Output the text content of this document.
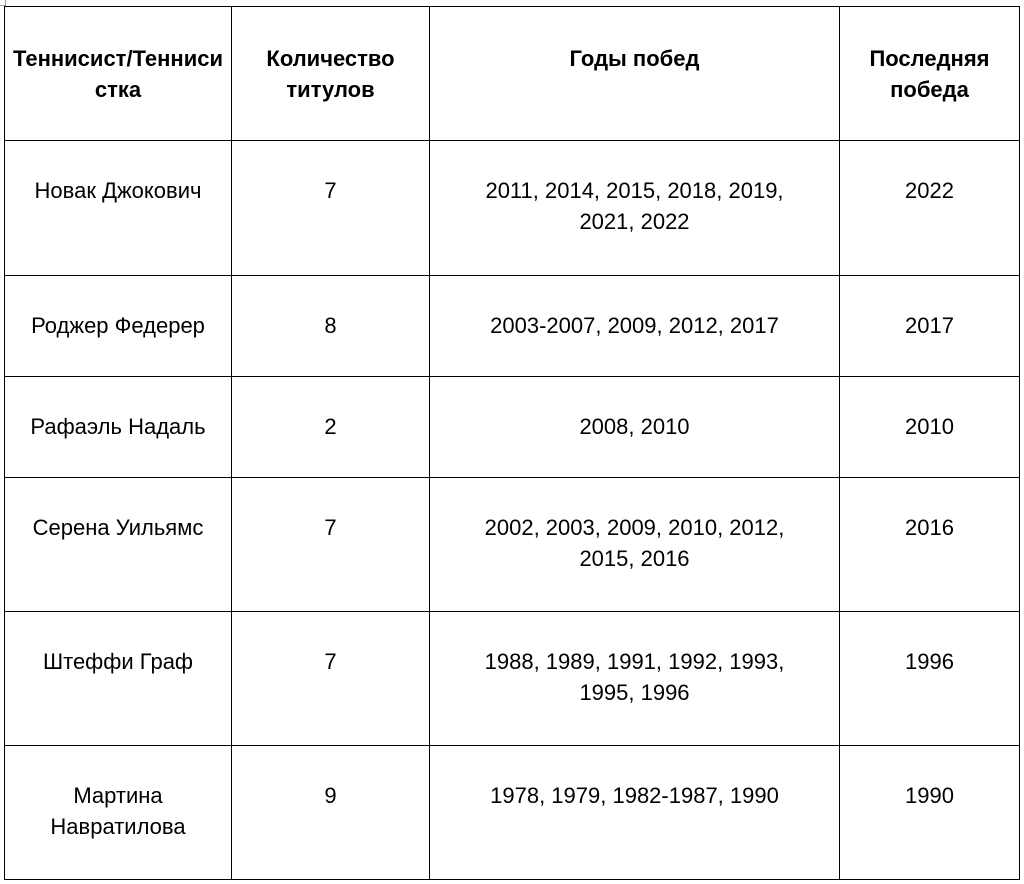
Теннисист/Теннисистка	Количество титулов	Годы побед	Последняя победа
Новак Джокович	7	2011, 2014, 2015, 2018, 2019, 2021, 2022	2022
Роджер Федерер	8	2003-2007, 2009, 2012, 2017	2017
Рафаэль Надаль	2	2008, 2010	2010
Серена Уильямс	7	2002, 2003, 2009, 2010, 2012, 2015, 2016	2016
Штеффи Граф	7	1988, 1989, 1991, 1992, 1993, 1995, 1996	1996
Мартина Навратилова	9	1978, 1979, 1982-1987, 1990	1990
